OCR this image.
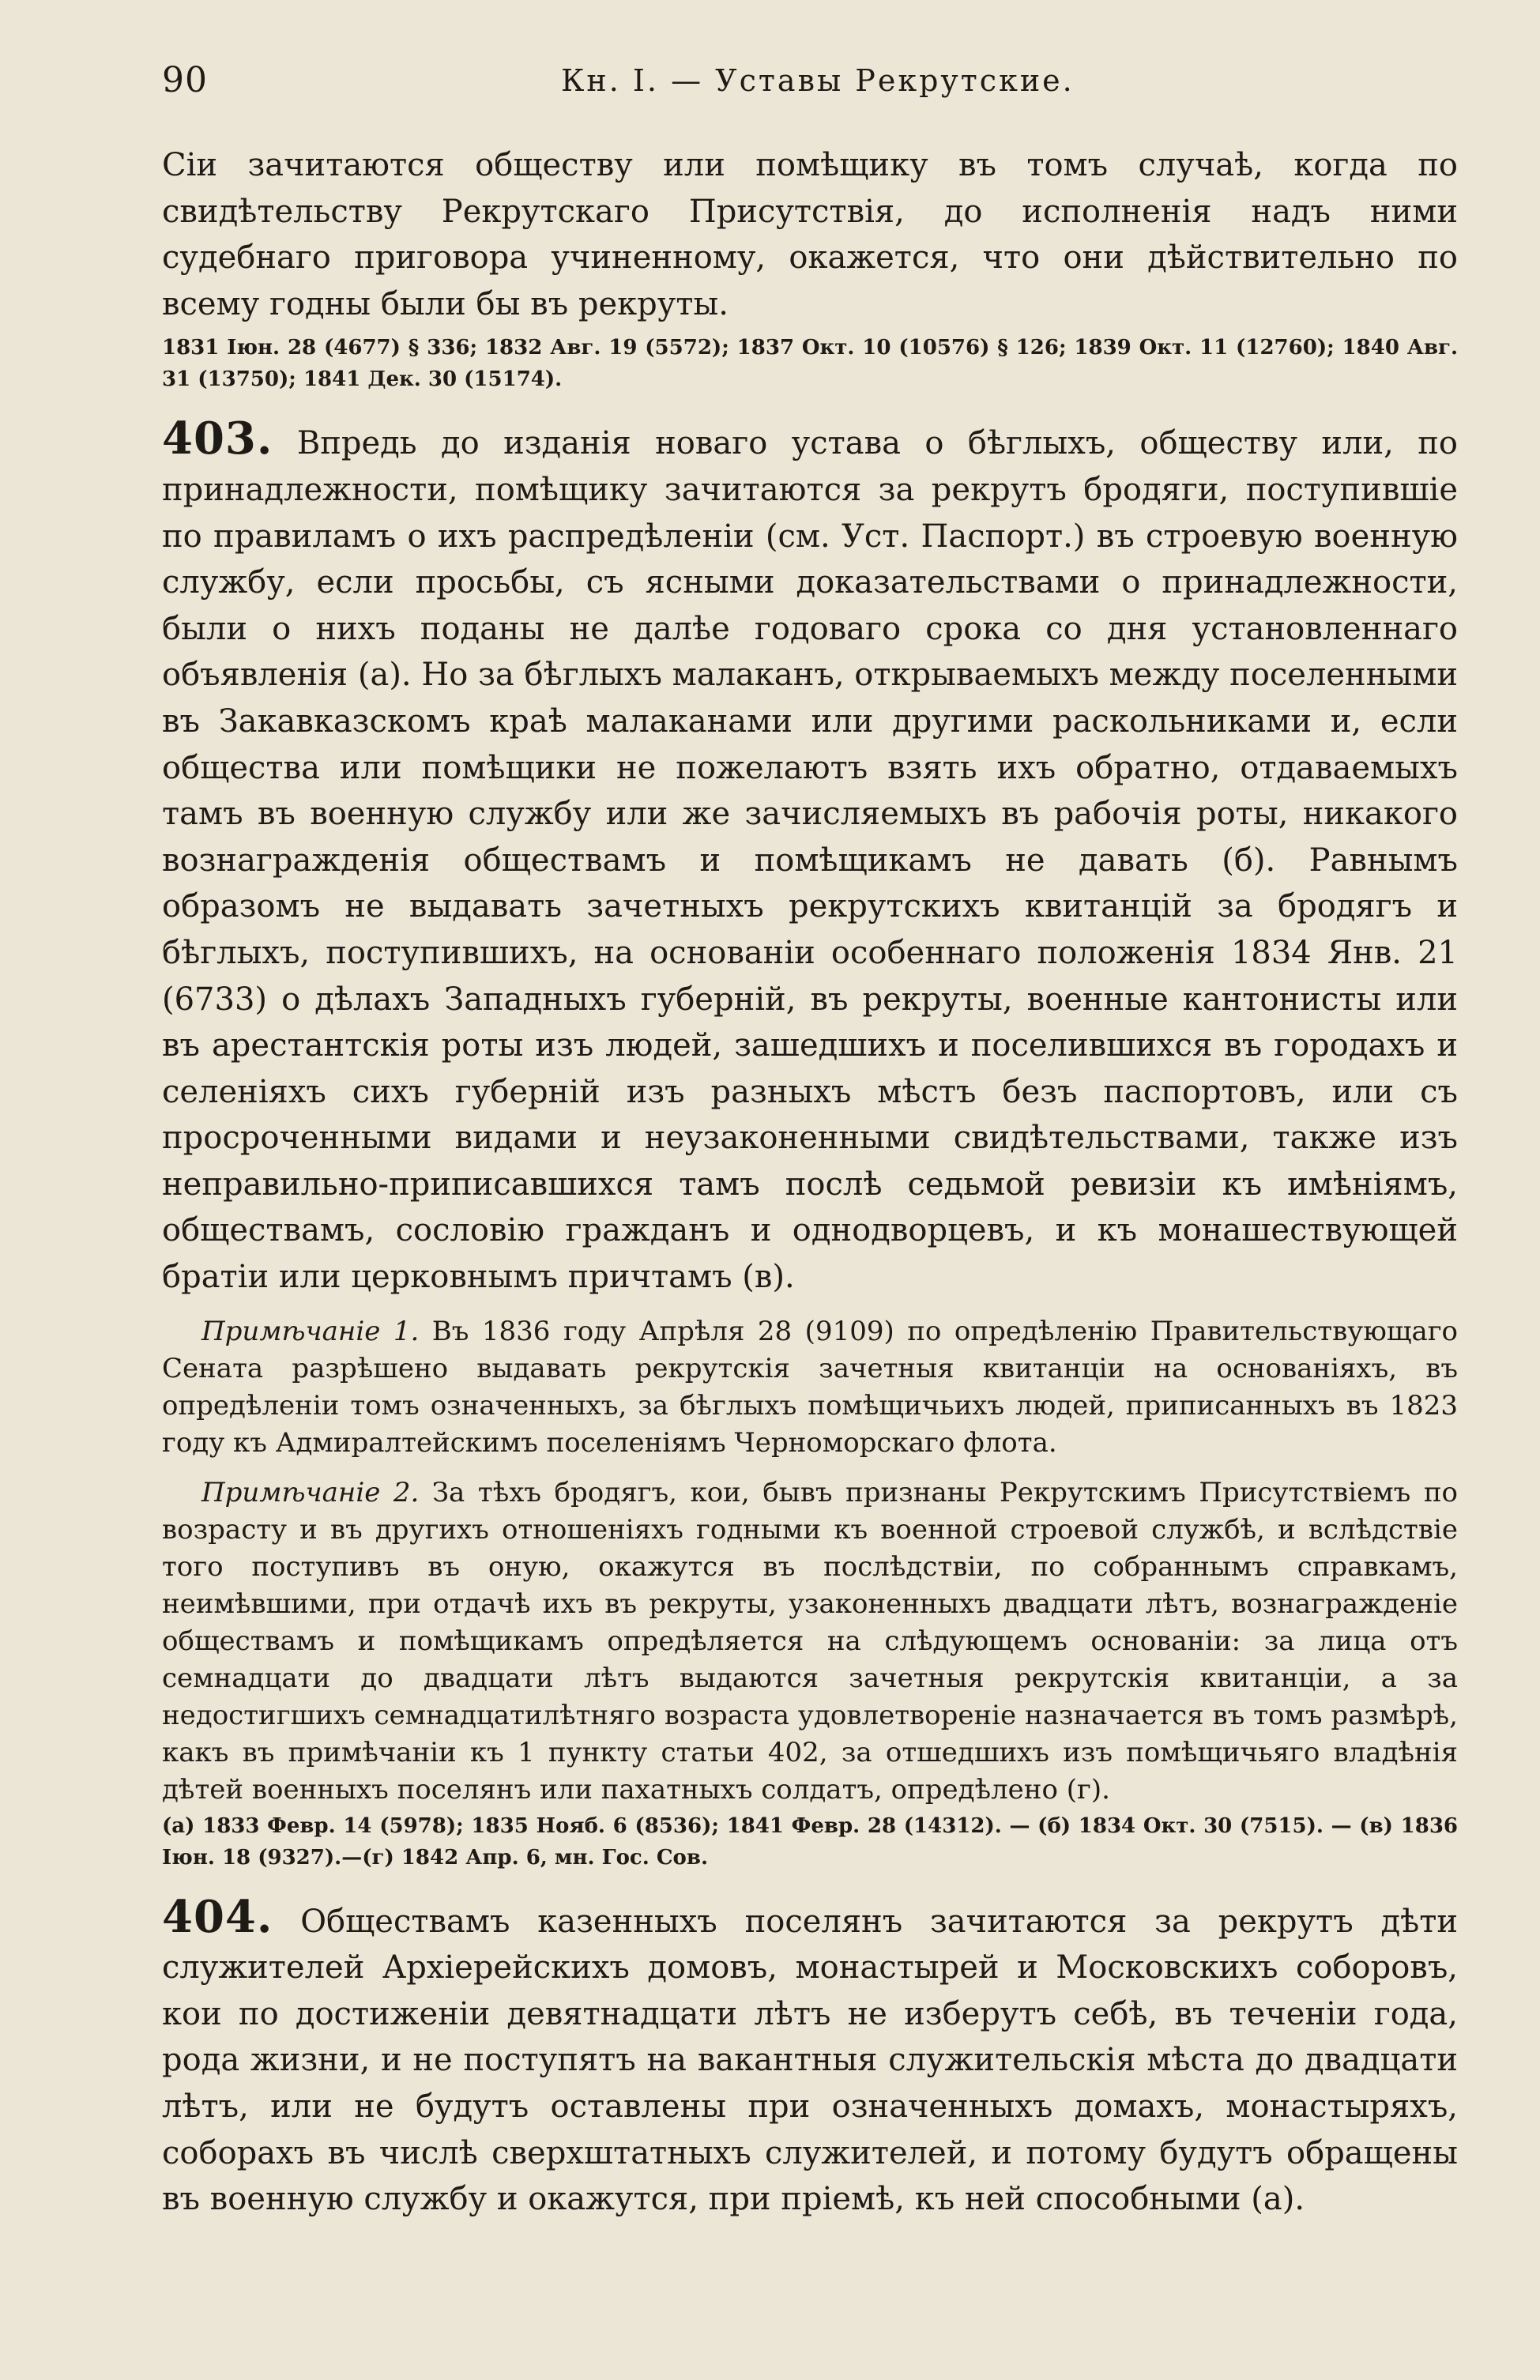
90	Кн. I. — Уставы Рекрутские.

Сіи зачитаются обществу или помѣщику въ томъ случаѣ, когда по свидѣтельству Рекрутскаго Присутствія, до исполненія надъ ними судебнаго приговора учиненному, окажется, что они дѣйствительно по всему годны были бы въ рекруты.

1831 Іюн. 28 (4677) § 336; 1832 Авг. 19 (5572); 1837 Окт. 10 (10576) § 126; 1839 Окт. 11 (12760); 1840 Авг. 31 (13750); 1841 Дек. 30 (15174).

403. Впредь до изданія новаго устава о бѣглыхъ, обществу или, по принадлежности, помѣщику зачитаются за рекрутъ бродяги, поступившіе по правиламъ о ихъ распредѣленіи (см. Уст. Паспорт.) въ строевую военную службу, если просьбы, съ ясными доказательствами о принадлежности, были о нихъ поданы не далѣе годоваго срока со дня установленнаго объявленія (а). Но за бѣглыхъ малаканъ, открываемыхъ между поселенными въ Закавказскомъ краѣ малаканами или другими раскольниками и, если общества или помѣщики не пожелаютъ взять ихъ обратно, отдаваемыхъ тамъ въ военную службу или же зачисляемыхъ въ рабочія роты, никакого вознагражденія обществамъ и помѣщикамъ не давать (б). Равнымъ образомъ не выдавать зачетныхъ рекрутскихъ квитанцій за бродягъ и бѣглыхъ, поступившихъ, на основаніи особеннаго положенія 1834 Янв. 21 (6733) о дѣлахъ Западныхъ губерній, въ рекруты, военные кантонисты или въ арестантскія роты изъ людей, зашедшихъ и поселившихся въ городахъ и селеніяхъ сихъ губерній изъ разныхъ мѣстъ безъ паспортовъ, или съ просроченными видами и неузаконенными свидѣтельствами, также изъ неправильно-приписавшихся тамъ послѣ седьмой ревизіи къ имѣніямъ, обществамъ, сословію гражданъ и однодворцевъ, и къ монашествующей братіи или церковнымъ причтамъ (в).

Примѣчаніе 1. Въ 1836 году Апрѣля 28 (9109) по опредѣленію Правительствующаго Сената разрѣшено выдавать рекрутскія зачетныя квитанціи на основаніяхъ, въ опредѣленіи томъ означенныхъ, за бѣглыхъ помѣщичьихъ людей, приписанныхъ въ 1823 году къ Адмиралтейскимъ поселеніямъ Черноморскаго флота.

Примѣчаніе 2. За тѣхъ бродягъ, кои, бывъ признаны Рекрутскимъ Присутствіемъ по возрасту и въ другихъ отношеніяхъ годными къ военной строевой службѣ, и вслѣдствіе того поступивъ въ оную, окажутся въ послѣдствіи, по собраннымъ справкамъ, неимѣвшими, при отдачѣ ихъ въ рекруты, узаконенныхъ двадцати лѣтъ, вознагражденіе обществамъ и помѣщикамъ опредѣляется на слѣдующемъ основаніи: за лица отъ семнадцати до двадцати лѣтъ выдаются зачетныя рекрутскія квитанціи, а за недостигшихъ семнадцатилѣтняго возраста удовлетвореніе назначается въ томъ размѣрѣ, какъ въ примѣчаніи къ 1 пункту статьи 402, за отшедшихъ изъ помѣщичьяго владѣнія дѣтей военныхъ поселянъ или пахатныхъ солдатъ, опредѣлено (г).

(а) 1833 Февр. 14 (5978); 1835 Нояб. 6 (8536); 1841 Февр. 28 (14312). — (б) 1834 Окт. 30 (7515). — (в) 1836 Іюн. 18 (9327).—(г) 1842 Апр. 6, мн. Гос. Сов.

404. Обществамъ казенныхъ поселянъ зачитаются за рекрутъ дѣти служителей Архіерейскихъ домовъ, монастырей и Московскихъ соборовъ, кои по достиженіи девятнадцати лѣтъ не изберутъ себѣ, въ теченіи года, рода жизни, и не поступятъ на вакантныя служительскія мѣста до двадцати лѣтъ, или не будутъ оставлены при означенныхъ домахъ, монастыряхъ, соборахъ въ числѣ сверхштатныхъ служителей, и потому будутъ обращены въ военную службу и окажутся, при пріемѣ, къ ней способными (а).
